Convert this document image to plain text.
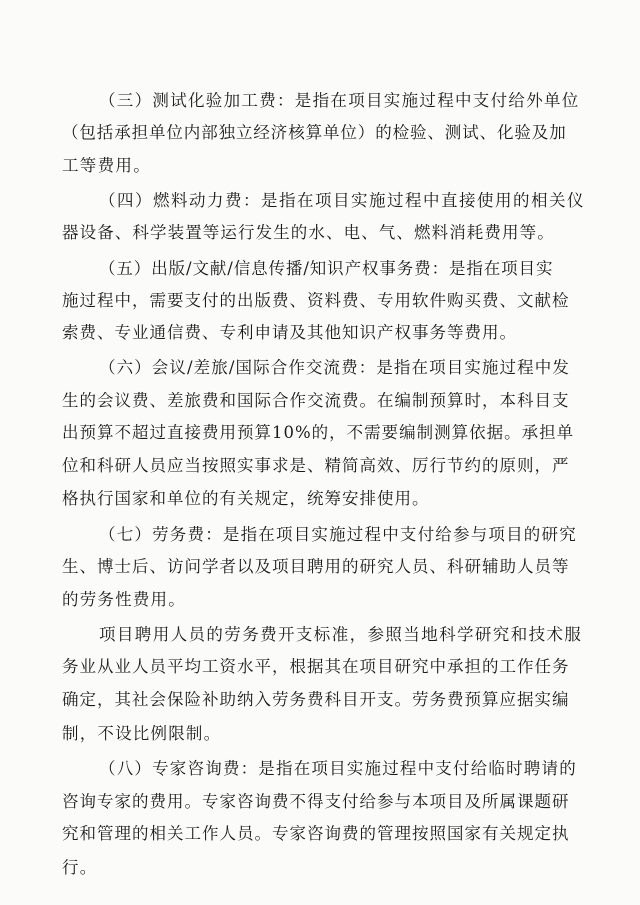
（三）测试化验加工费：是指在项目实施过程中支付给外单位
（包括承担单位内部独立经济核算单位）的检验、测试、化验及加
工等费用。
（四）燃料动力费：是指在项目实施过程中直接使用的相关仪
器设备、科学装置等运行发生的水、电、气、燃料消耗费用等。
（五）出版/文献/信息传播/知识产权事务费：是指在项目实
施过程中，需要支付的出版费、资料费、专用软件购买费、文献检
索费、专业通信费、专利申请及其他知识产权事务等费用。
（六）会议/差旅/国际合作交流费：是指在项目实施过程中发
生的会议费、差旅费和国际合作交流费。在编制预算时，本科目支
出预算不超过直接费用预算10%的，不需要编制测算依据。承担单
位和科研人员应当按照实事求是、精简高效、厉行节约的原则，严
格执行国家和单位的有关规定，统筹安排使用。
（七）劳务费：是指在项目实施过程中支付给参与项目的研究
生、博士后、访问学者以及项目聘用的研究人员、科研辅助人员等
的劳务性费用。
项目聘用人员的劳务费开支标准，参照当地科学研究和技术服
务业从业人员平均工资水平，根据其在项目研究中承担的工作任务
确定，其社会保险补助纳入劳务费科目开支。劳务费预算应据实编
制，不设比例限制。
（八）专家咨询费：是指在项目实施过程中支付给临时聘请的
咨询专家的费用。专家咨询费不得支付给参与本项目及所属课题研
究和管理的相关工作人员。专家咨询费的管理按照国家有关规定执
行。
